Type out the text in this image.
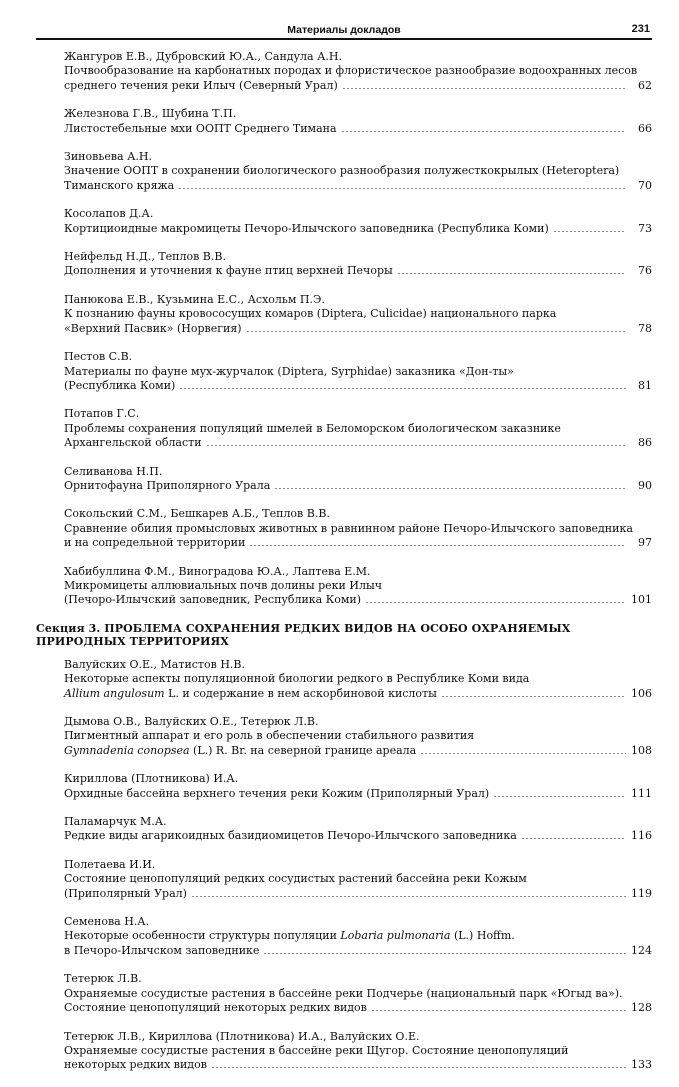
Материалы докладов	231
Жангуров Е.В., Дубровский Ю.А., Сандула А.Н.
Почвообразование на карбонатных породах и флористическое разнообразие водоохранных лесов
среднего течения реки Илыч (Северный Урал)	62
Железнова Г.В., Шубина Т.П.
Листостебельные мхи ООПТ Среднего Тимана	66
Зиновьева А.Н.
Значение ООПТ в сохранении биологического разнообразия полужесткокрылых (Heteroptera)
Тиманского кряжа	70
Косолапов Д.А.
Кортициоидные макромицеты Печоро-Илычского заповедника (Республика Коми)	73
Нейфельд Н.Д., Теплов В.В.
Дополнения и уточнения к фауне птиц верхней Печоры	76
Панюкова Е.В., Кузьмина Е.С., Асхольм П.Э.
К познанию фауны кровососущих комаров (Diptera, Culicidae) национального парка
«Верхний Пасвик» (Норвегия)	78
Пестов С.В.
Материалы по фауне мух-журчалок (Diptera, Syrphidae) заказника «Дон-ты»
(Республика Коми)	81
Потапов Г.С.
Проблемы сохранения популяций шмелей в Беломорском биологическом заказнике
Архангельской области	86
Селиванова Н.П.
Орнитофауна Приполярного Урала	90
Сокольский С.М., Бешкарев А.Б., Теплов В.В.
Сравнение обилия промысловых животных в равнинном районе Печоро-Илычского заповедника
и на сопредельной территории	97
Хабибуллина Ф.М., Виноградова Ю.А., Лаптева Е.М.
Микромицеты аллювиальных почв долины реки Илыч
(Печоро-Илычский заповедник, Республика Коми)	101
Секция 3. ПРОБЛЕМА СОХРАНЕНИЯ РЕДКИХ ВИДОВ НА ОСОБО ОХРАНЯЕМЫХ
ПРИРОДНЫХ ТЕРРИТОРИЯХ
Валуйских О.Е., Матистов Н.В.
Некоторые аспекты популяционной биологии редкого в Республике Коми вида
Allium angulosum L. и содержание в нем аскорбиновой кислоты	106
Дымова О.В., Валуйских О.Е., Тетерюк Л.В.
Пигментный аппарат и его роль в обеспечении стабильного развития
Gymnadenia conopsea (L.) R. Br. на северной границе ареала	108
Кириллова (Плотникова) И.А.
Орхидные бассейна верхнего течения реки Кожим (Приполярный Урал)	111
Паламарчук М.А.
Редкие виды агарикоидных базидиомицетов Печоро-Илычского заповедника	116
Полетаева И.И.
Состояние ценопопуляций редких сосудистых растений бассейна реки Кожым
(Приполярный Урал)	119
Семенова Н.А.
Некоторые особенности структуры популяции Lobaria pulmonaria (L.) Hoffm.
в Печоро-Илычском заповеднике	124
Тетерюк Л.В.
Охраняемые сосудистые растения в бассейне реки Подчерье (национальный парк «Югыд ва»).
Состояние ценопопуляций некоторых редких видов	128
Тетерюк Л.В., Кириллова (Плотникова) И.А., Валуйских О.Е.
Охраняемые сосудистые растения в бассейне реки Щугор. Состояние ценопопуляций
некоторых редких видов	133
